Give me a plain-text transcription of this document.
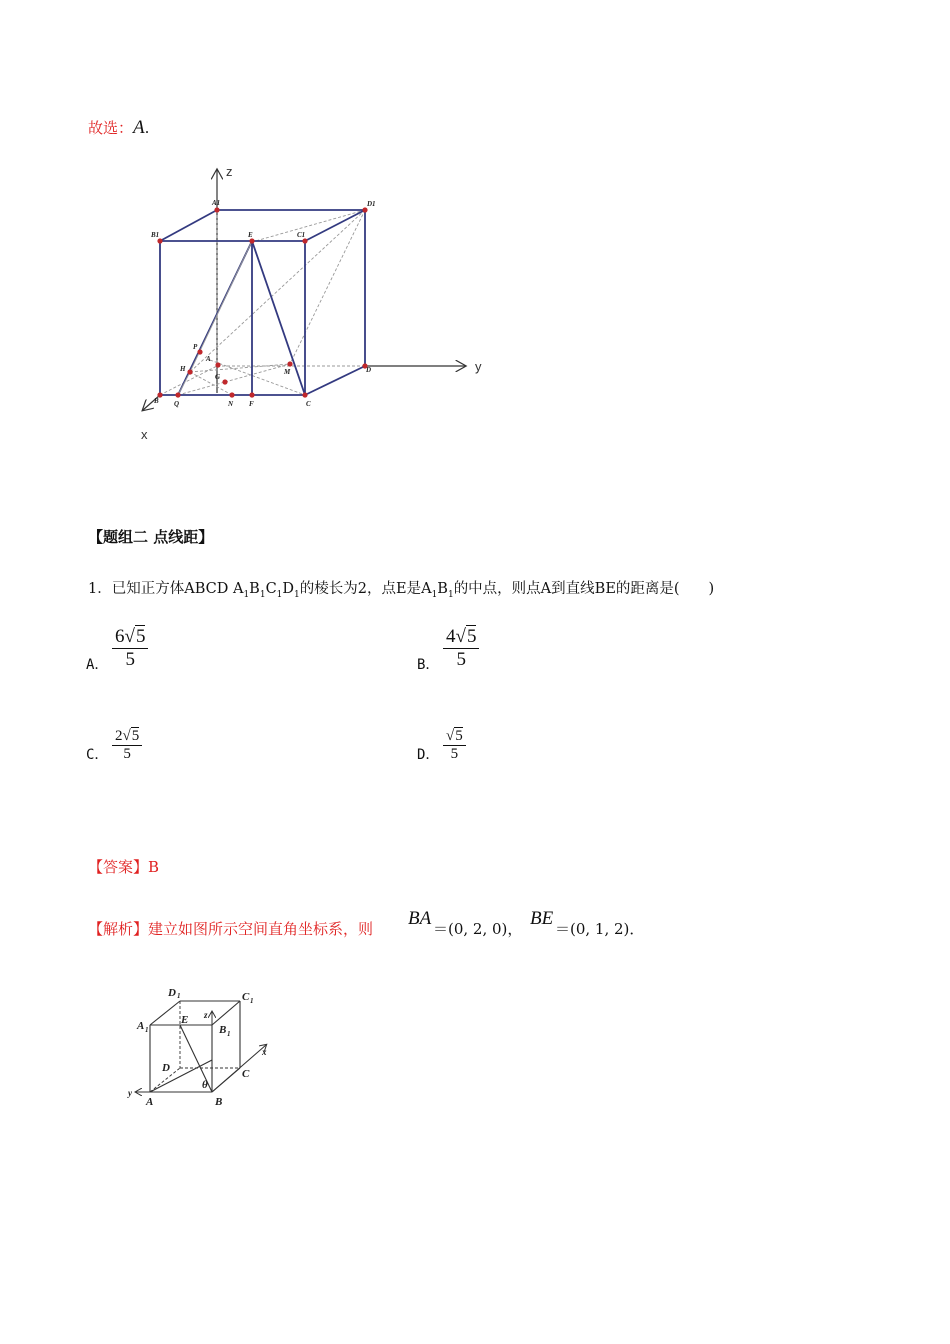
故选：A.
A1	D1
B1	C1
E
P
A
H
G
M	D
B Q	N F	C
z
y
x
【题组二 点线距】
1．已知正方体ABCD $A_1B_1C_1D_1$的棱长为2，点E是$A_1B_1$的中点，则点A到直线BE的距离是(　　)
A．
6√5
5	B．
4√5
5
C．
2√5
5	D．
√5
5
【答案】B
【解析】建立如图所示空间直角坐标系，则 BA ＝(0, 2, 0)， BE ＝(0, 1, 2)．
D 1	C 1
A 1
E z
B 1
x
D	C
θ
y
A	B
